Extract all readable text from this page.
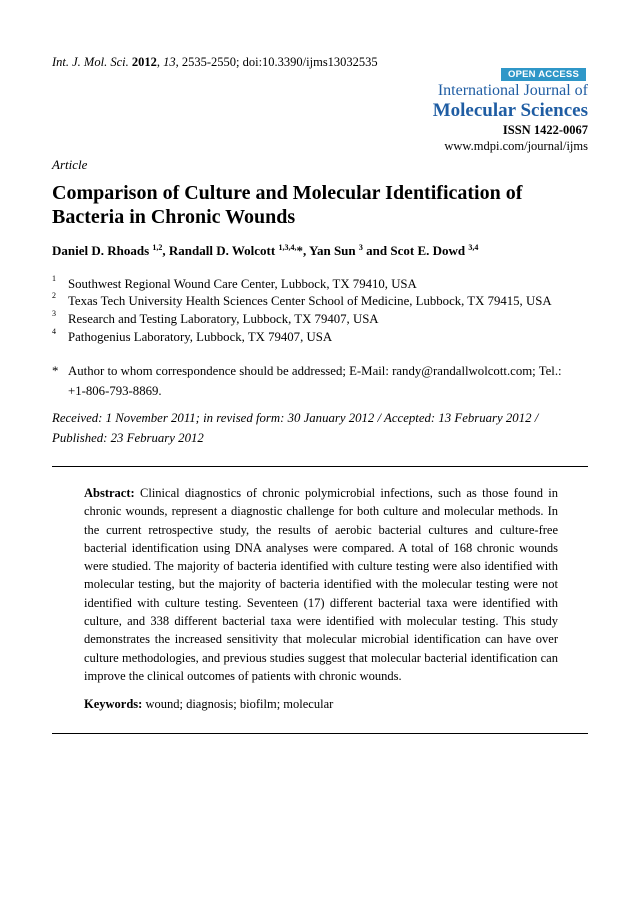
Int. J. Mol. Sci. 2012, 13, 2535-2550; doi:10.3390/ijms13032535
OPEN ACCESS
International Journal of
Molecular Sciences
ISSN 1422-0067
www.mdpi.com/journal/ijms
Article
Comparison of Culture and Molecular Identification of Bacteria in Chronic Wounds
Daniel D. Rhoads $^{1,2}$, Randall D. Wolcott $^{1,3,4,}$*, Yan Sun $^3$ and Scot E. Dowd $^{3,4}$
1 Southwest Regional Wound Care Center, Lubbock, TX 79410, USA
2 Texas Tech University Health Sciences Center School of Medicine, Lubbock, TX 79415, USA
3 Research and Testing Laboratory, Lubbock, TX 79407, USA
4 Pathogenius Laboratory, Lubbock, TX 79407, USA
* Author to whom correspondence should be addressed; E-Mail: randy@randallwolcott.com; Tel.: +1-806-793-8869.
Received: 1 November 2011; in revised form: 30 January 2012 / Accepted: 13 February 2012 / Published: 23 February 2012
Abstract: Clinical diagnostics of chronic polymicrobial infections, such as those found in chronic wounds, represent a diagnostic challenge for both culture and molecular methods. In the current retrospective study, the results of aerobic bacterial cultures and culture-free bacterial identification using DNA analyses were compared. A total of 168 chronic wounds were studied. The majority of bacteria identified with culture testing were also identified with molecular testing, but the majority of bacteria identified with the molecular testing were not identified with culture testing. Seventeen (17) different bacterial taxa were identified with culture, and 338 different bacterial taxa were identified with molecular testing. This study demonstrates the increased sensitivity that molecular microbial identification can have over culture methodologies, and previous studies suggest that molecular bacterial identification can improve the clinical outcomes of patients with chronic wounds.
Keywords: wound; diagnosis; biofilm; molecular
